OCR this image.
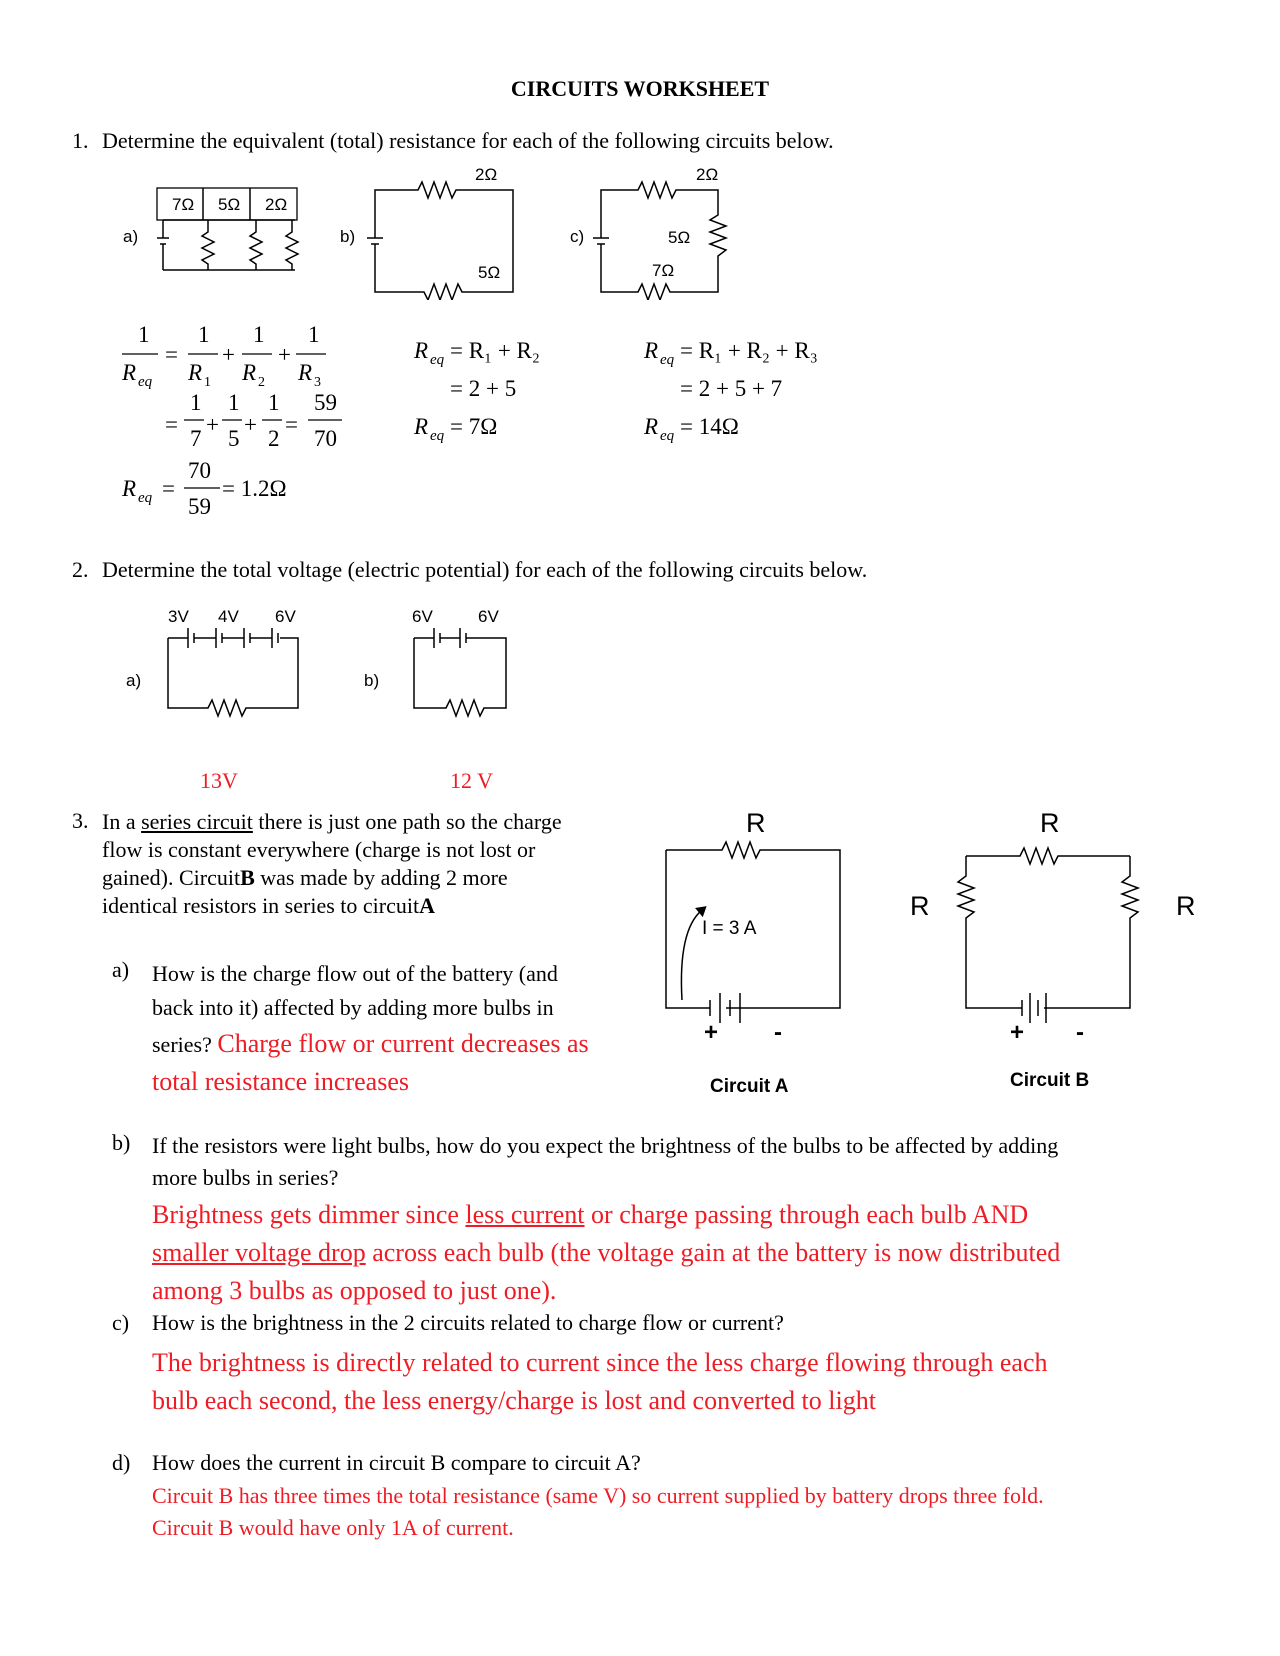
CIRCUITS WORKSHEET
1. Determine the equivalent (total) resistance for each of the following circuits below.
a)
7Ω 5Ω 2Ω
b)
2Ω
5Ω
c)
2Ω
5Ω
7Ω
1
R eq
=
1
R 1
+
1
R 2
+
1
R 3
=
1
7
+
1
5
+
1
2
=
59
70
R eq =
70
59
= 1.2Ω
R eq = R₁ + R₂
= 2 + 5
R eq = 7Ω
R eq = R₁ + R₂ + R₃
= 2 + 5 + 7
R eq = 14Ω
2. Determine the total voltage (electric potential) for each of the following circuits below.
a)
3V 4V 6V
13V
b)
6V	6V
12 V
3. In a series circuit there is just one path so the charge
flow is constant everywhere (charge is not lost or
gained). CircuitB was made by adding 2 more
identical resistors in series to circuitA
R
I = 3 A
+ -
Circuit A
R
R	R
+ -
Circuit B
a) How is the charge flow out of the battery (and
back into it) affected by adding more bulbs in
series? Charge flow or current decreases as
total resistance increases
b) If the resistors were light bulbs, how do you expect the brightness of the bulbs to be affected by adding
more bulbs in series?
Brightness gets dimmer since less current or charge passing through each bulb AND
smaller voltage drop across each bulb (the voltage gain at the battery is now distributed
among 3 bulbs as opposed to just one).
c) How is the brightness in the 2 circuits related to charge flow or current?
The brightness is directly related to current since the less charge flowing through each
bulb each second, the less energy/charge is lost and converted to light
d) How does the current in circuit B compare to circuit A?
Circuit B has three times the total resistance (same V) so current supplied by battery drops three fold.
Circuit B would have only 1A of current.
